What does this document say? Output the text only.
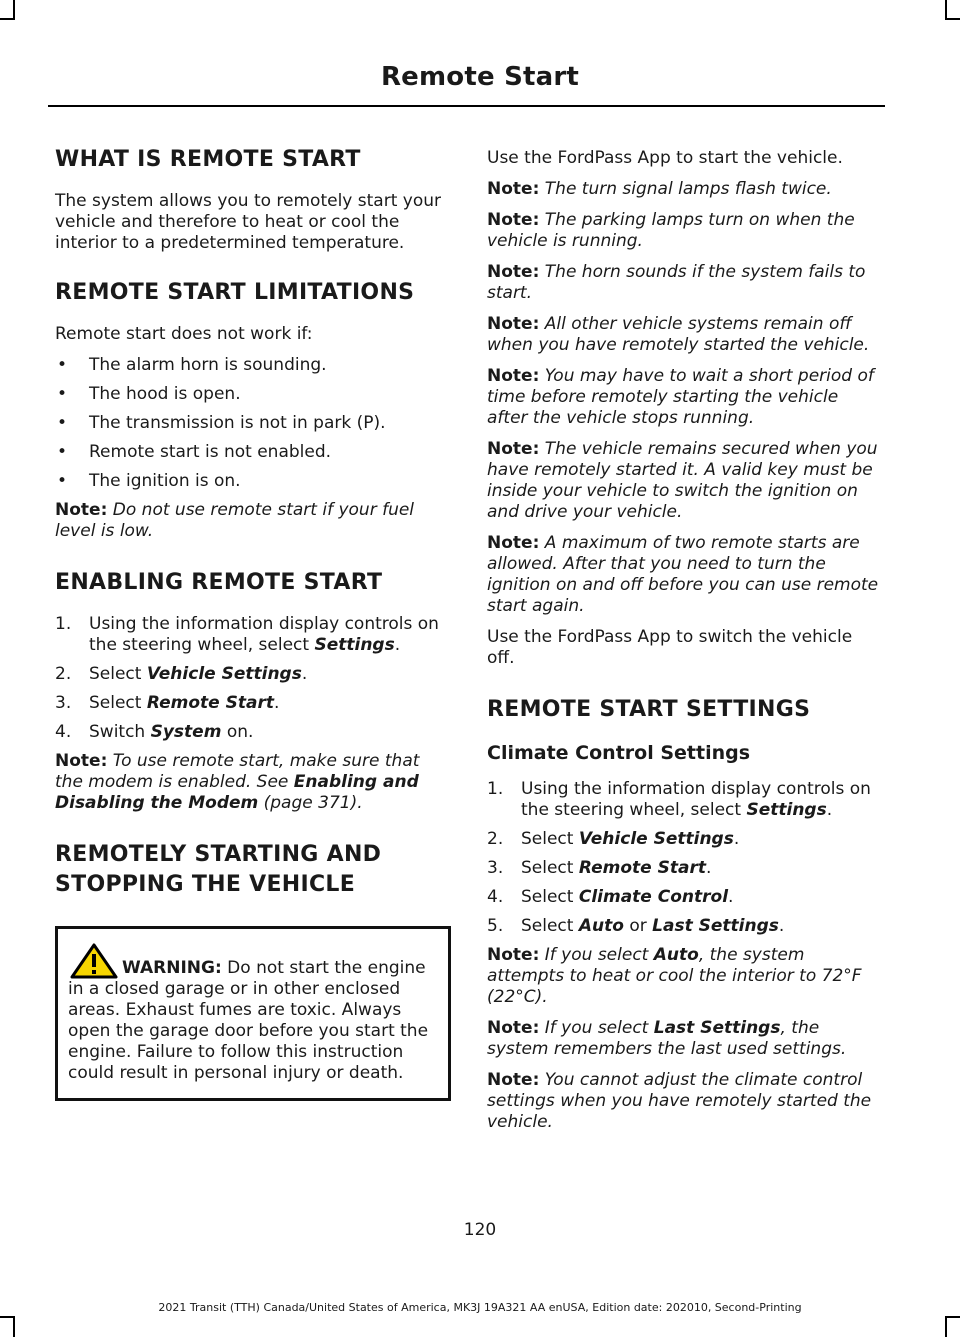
Remote Start
WHAT IS REMOTE START

The system allows you to remotely start your vehicle and therefore to heat or cool the interior to a predetermined temperature.

REMOTE START LIMITATIONS

Remote start does not work if:

• The alarm horn is sounding.
• The hood is open.
• The transmission is not in park (P).
• Remote start is not enabled.
• The ignition is on.

Note: Do not use remote start if your fuel level is low.

ENABLING REMOTE START
1. Using the information display controls on the steering wheel, select Settings.
2. Select Vehicle Settings.
3. Select Remote Start.
4. Switch System on.

Note: To use remote start, make sure that the modem is enabled. See Enabling and Disabling the Modem (page 371).

REMOTELY STARTING AND
STOPPING THE VEHICLE
WARNING: Do not start the engine in a closed garage or in other enclosed areas. Exhaust fumes are toxic. Always open the garage door before you start the engine. Failure to follow this instruction could result in personal injury or death.

Use the FordPass App to start the vehicle.

Note: The turn signal lamps flash twice.

Note: The parking lamps turn on when the vehicle is running.

Note: The horn sounds if the system fails to start.

Note: All other vehicle systems remain off when you have remotely started the vehicle.

Note: You may have to wait a short period of time before remotely starting the vehicle after the vehicle stops running.

Note: The vehicle remains secured when you have remotely started it. A valid key must be inside your vehicle to switch the ignition on and drive your vehicle.

Note: A maximum of two remote starts are allowed. After that you need to turn the ignition on and off before you can use remote start again.

Use the FordPass App to switch the vehicle off.

REMOTE START SETTINGS
Climate Control Settings
1. Using the information display controls on the steering wheel, select Settings.
2. Select Vehicle Settings.
3. Select Remote Start.
4. Select Climate Control.
5. Select Auto or Last Settings.

Note: If you select Auto, the system attempts to heat or cool the interior to 72°F (22°C).

Note: If you select Last Settings, the system remembers the last used settings.

Note: You cannot adjust the climate control settings when you have remotely started the vehicle.

120
2021 Transit (TTH) Canada/United States of America, MK3J 19A321 AA enUSA, Edition date: 202010, Second-Printing
